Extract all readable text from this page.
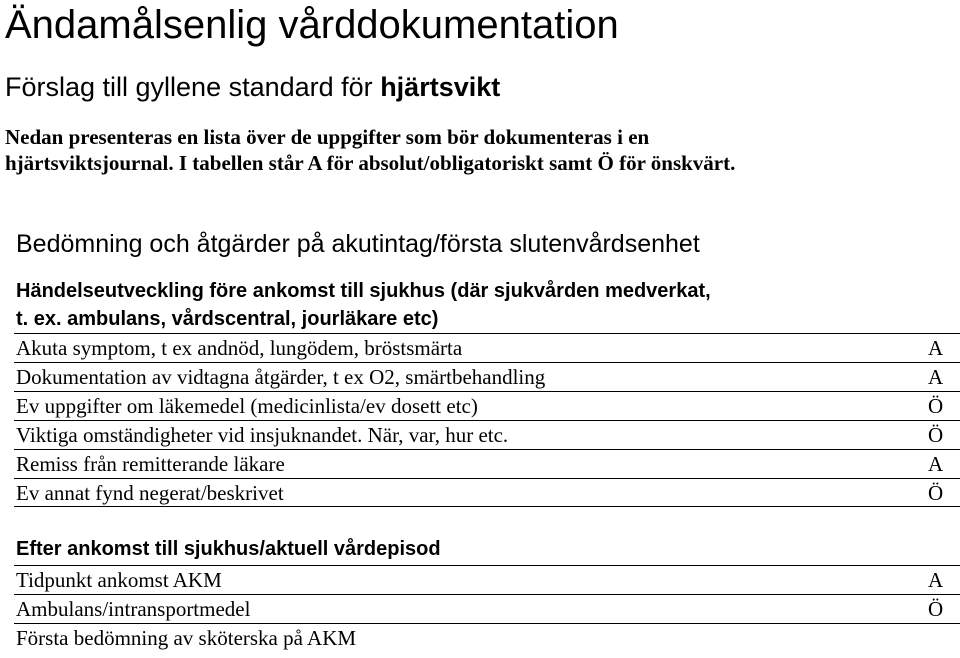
Ändamålsenlig vårddokumentation
Förslag till gyllene standard för hjärtsvikt
Nedan presenteras en lista över de uppgifter som bör dokumenteras i en
hjärtsviktsjournal. I tabellen står A för absolut/obligatoriskt samt Ö för önskvärt.
Bedömning och åtgärder på akutintag/första slutenvårdsenhet
Händelseutveckling före ankomst till sjukhus (där sjukvården medverkat,
t. ex. ambulans, vårdscentral, jourläkare etc)
Akuta symptom, t ex andnöd, lungödem, bröstsmärta	A
Dokumentation av vidtagna åtgärder, t ex O2, smärtbehandling	A
Ev uppgifter om läkemedel (medicinlista/ev dosett etc)	Ö
Viktiga omständigheter vid insjuknandet. När, var, hur etc.	Ö
Remiss från remitterande läkare	A
Ev annat fynd negerat/beskrivet	Ö
Efter ankomst till sjukhus/aktuell vårdepisod
Tidpunkt ankomst AKM	A
Ambulans/intransportmedel	Ö
Första bedömning av sköterska på AKM
